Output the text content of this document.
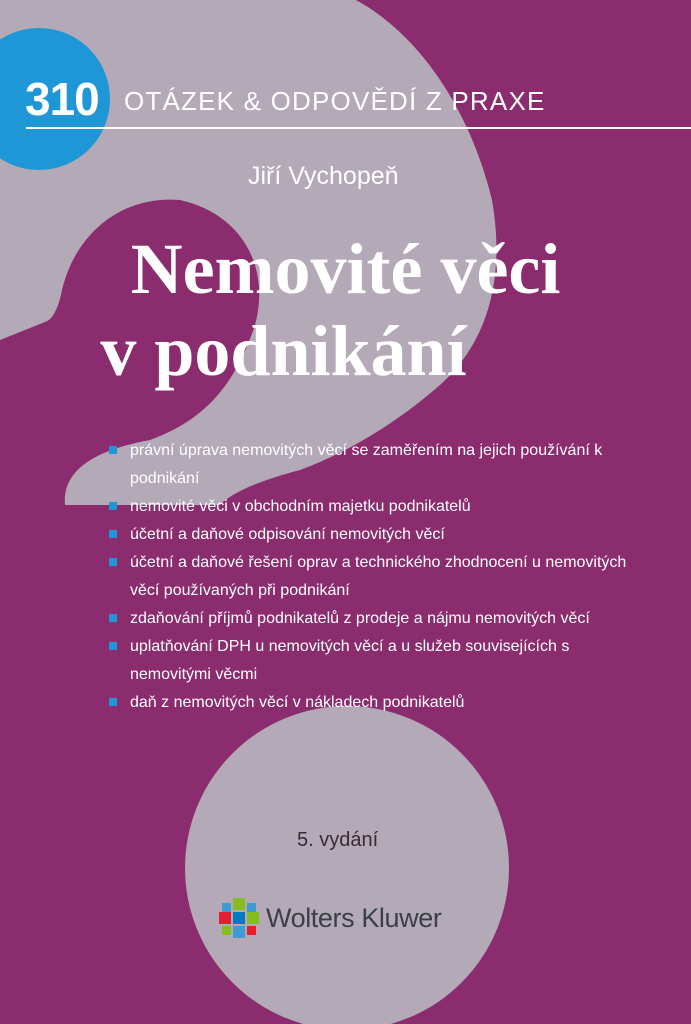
310 OTÁZEK & ODPOVĚDÍ Z PRAXE
Jiří Vychopeň
Nemovité věci
v podnikání
právní úprava nemovitých věcí se zaměřením na jejich používání k podnikání
nemovité věci v obchodním majetku podnikatelů
účetní a daňové odpisování nemovitých věcí
účetní a daňové řešení oprav a technického zhodnocení u nemovitých věcí používaných při podnikání
zdaňování příjmů podnikatelů z prodeje a nájmu nemovitých věcí
uplatňování DPH u nemovitých věcí a u služeb souvisejících s nemovitými věcmi
daň z nemovitých věcí v nákladech podnikatelů
5. vydání
Wolters Kluwer
